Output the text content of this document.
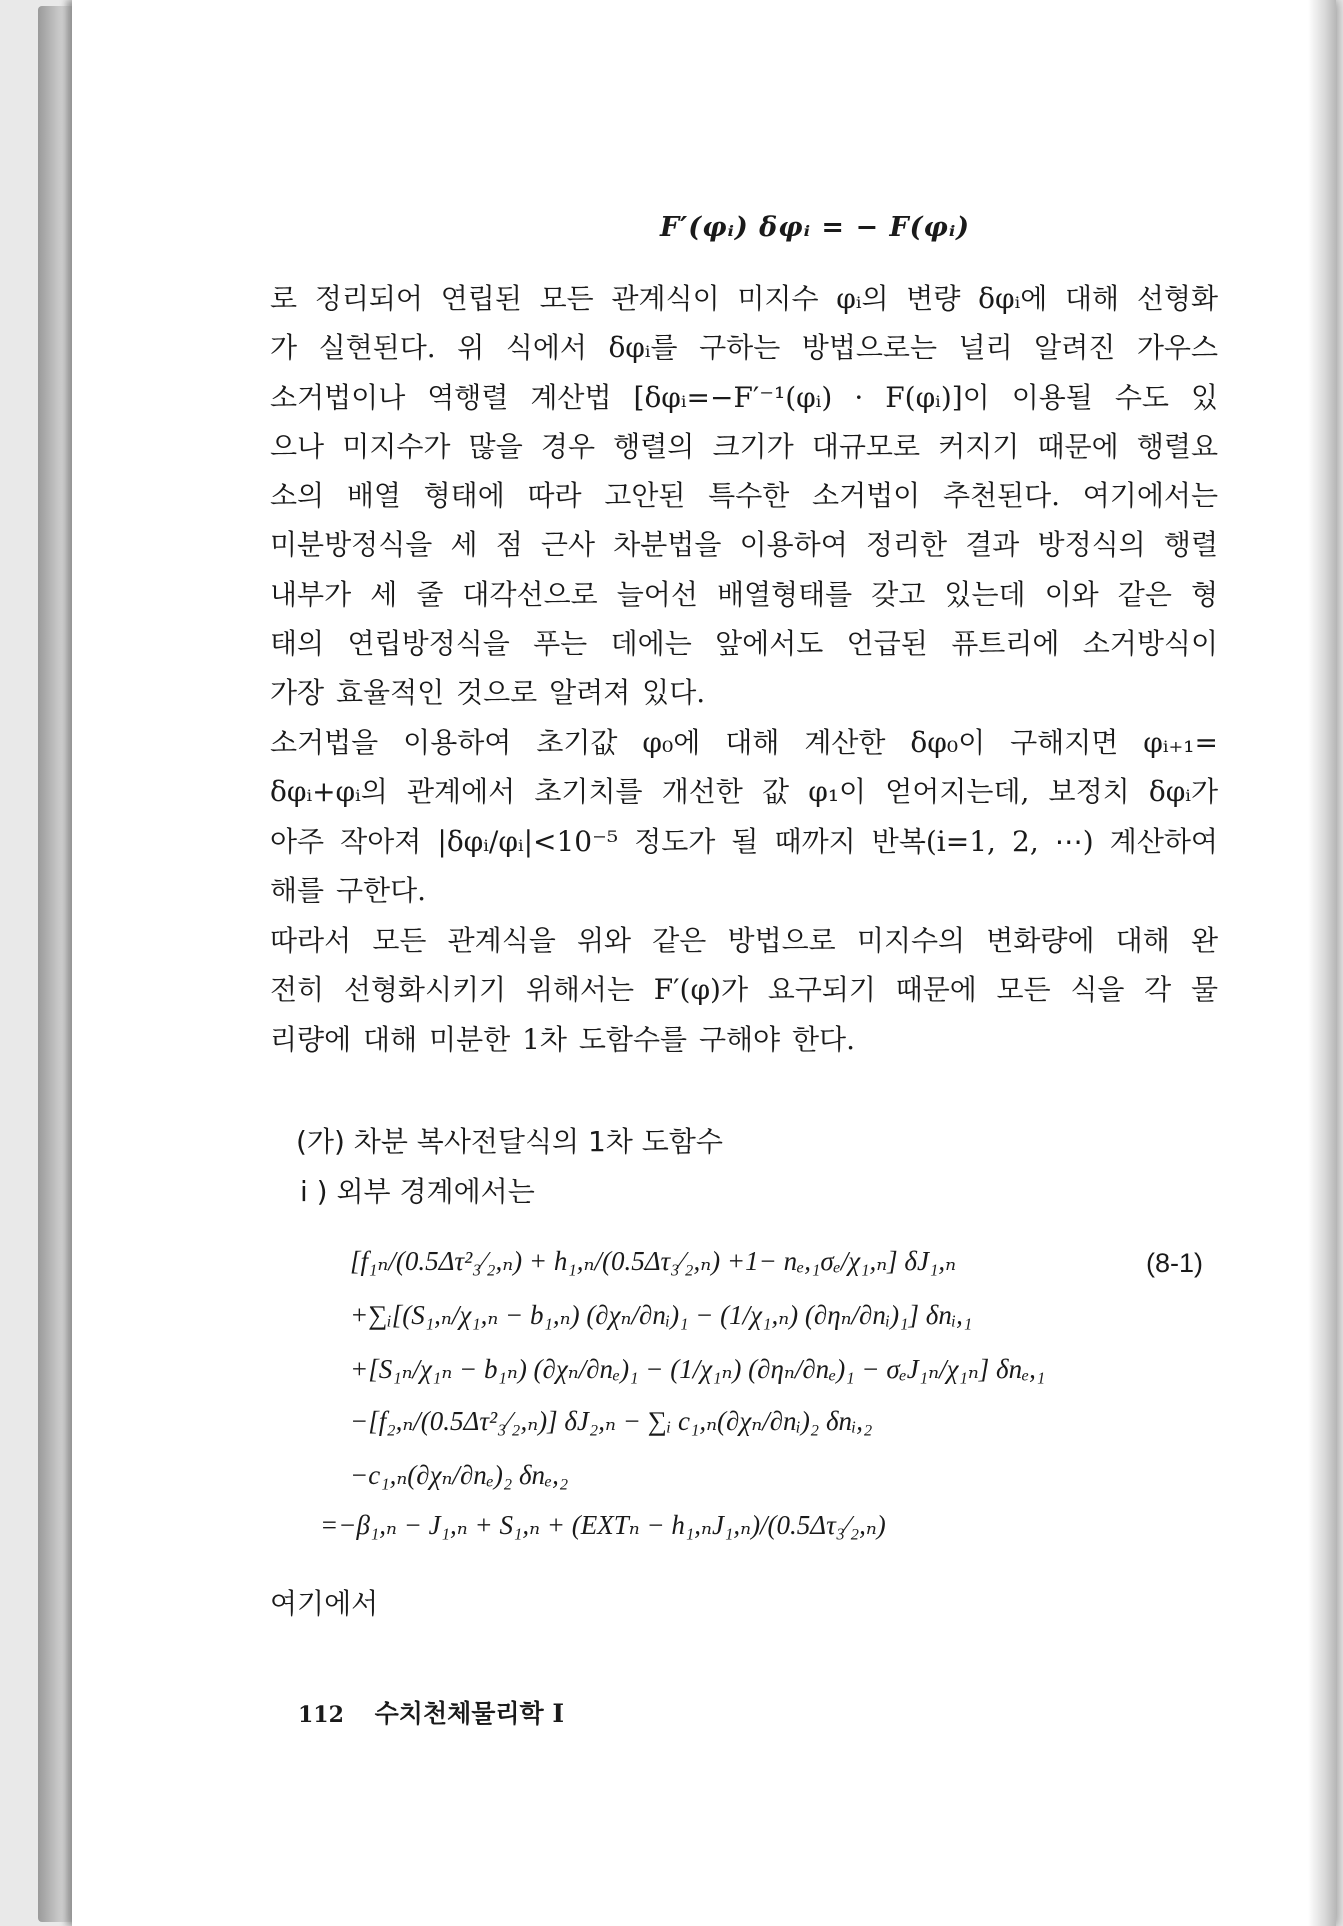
F′(φᵢ) δφᵢ = − F(φᵢ)
로 정리되어 연립된 모든 관계식이 미지수 φᵢ의 변량 δφᵢ에 대해 선형화
가 실현된다. 위 식에서 δφᵢ를 구하는 방법으로는 널리 알려진 가우스
소거법이나 역행렬 계산법 [δφᵢ=−F′⁻¹(φᵢ) · F(φᵢ)]이 이용될 수도 있
으나 미지수가 많을 경우 행렬의 크기가 대규모로 커지기 때문에 행렬요
소의 배열 형태에 따라 고안된 특수한 소거법이 추천된다. 여기에서는
미분방정식을 세 점 근사 차분법을 이용하여 정리한 결과 방정식의 행렬
내부가 세 줄 대각선으로 늘어선 배열형태를 갖고 있는데 이와 같은 형
태의 연립방정식을 푸는 데에는 앞에서도 언급된 퓨트리에 소거방식이
가장 효율적인 것으로 알려져 있다.
소거법을 이용하여 초기값 φ₀에 대해 계산한 δφ₀이 구해지면 φᵢ₊₁=
δφᵢ+φᵢ의 관계에서 초기치를 개선한 값 φ₁이 얻어지는데, 보정치 δφᵢ가
아주 작아져 |δφᵢ/φᵢ|<10⁻⁵ 정도가 될 때까지 반복(i=1, 2, ⋯) 계산하여
해를 구한다.
따라서 모든 관계식을 위와 같은 방법으로 미지수의 변화량에 대해 완
전히 선형화시키기 위해서는 F′(φ)가 요구되기 때문에 모든 식을 각 물
리량에 대해 미분한 1차 도함수를 구해야 한다.
(가) 차분 복사전달식의 1차 도함수
i ) 외부 경계에서는
[f₁ₙ/(0.5Δτ²₃⁄₂,ₙ) + h₁,ₙ/(0.5Δτ₃⁄₂,ₙ) +1− nₑ,₁σₑ/χ₁,ₙ] δJ₁,ₙ
+∑ᵢ[(S₁,ₙ/χ₁,ₙ − b₁,ₙ) (∂χₙ/∂nᵢ)₁ − (1/χ₁,ₙ) (∂ηₙ/∂nᵢ)₁] δnᵢ,₁
+[S₁ₙ/χ₁ₙ − b₁ₙ) (∂χₙ/∂nₑ)₁ − (1/χ₁ₙ) (∂ηₙ/∂nₑ)₁ − σₑJ₁ₙ/χ₁ₙ] δnₑ,₁
−[f₂,ₙ/(0.5Δτ²₃⁄₂,ₙ)] δJ₂,ₙ − ∑ᵢ c₁,ₙ(∂χₙ/∂nᵢ)₂ δnᵢ,₂
−c₁,ₙ(∂χₙ/∂nₑ)₂ δnₑ,₂
=−β₁,ₙ − J₁,ₙ + S₁,ₙ + (EXTₙ − h₁,ₙJ₁,ₙ)/(0.5Δτ₃⁄₂,ₙ)
(8-1)
여기에서
112 수치천체물리학 Ⅰ
